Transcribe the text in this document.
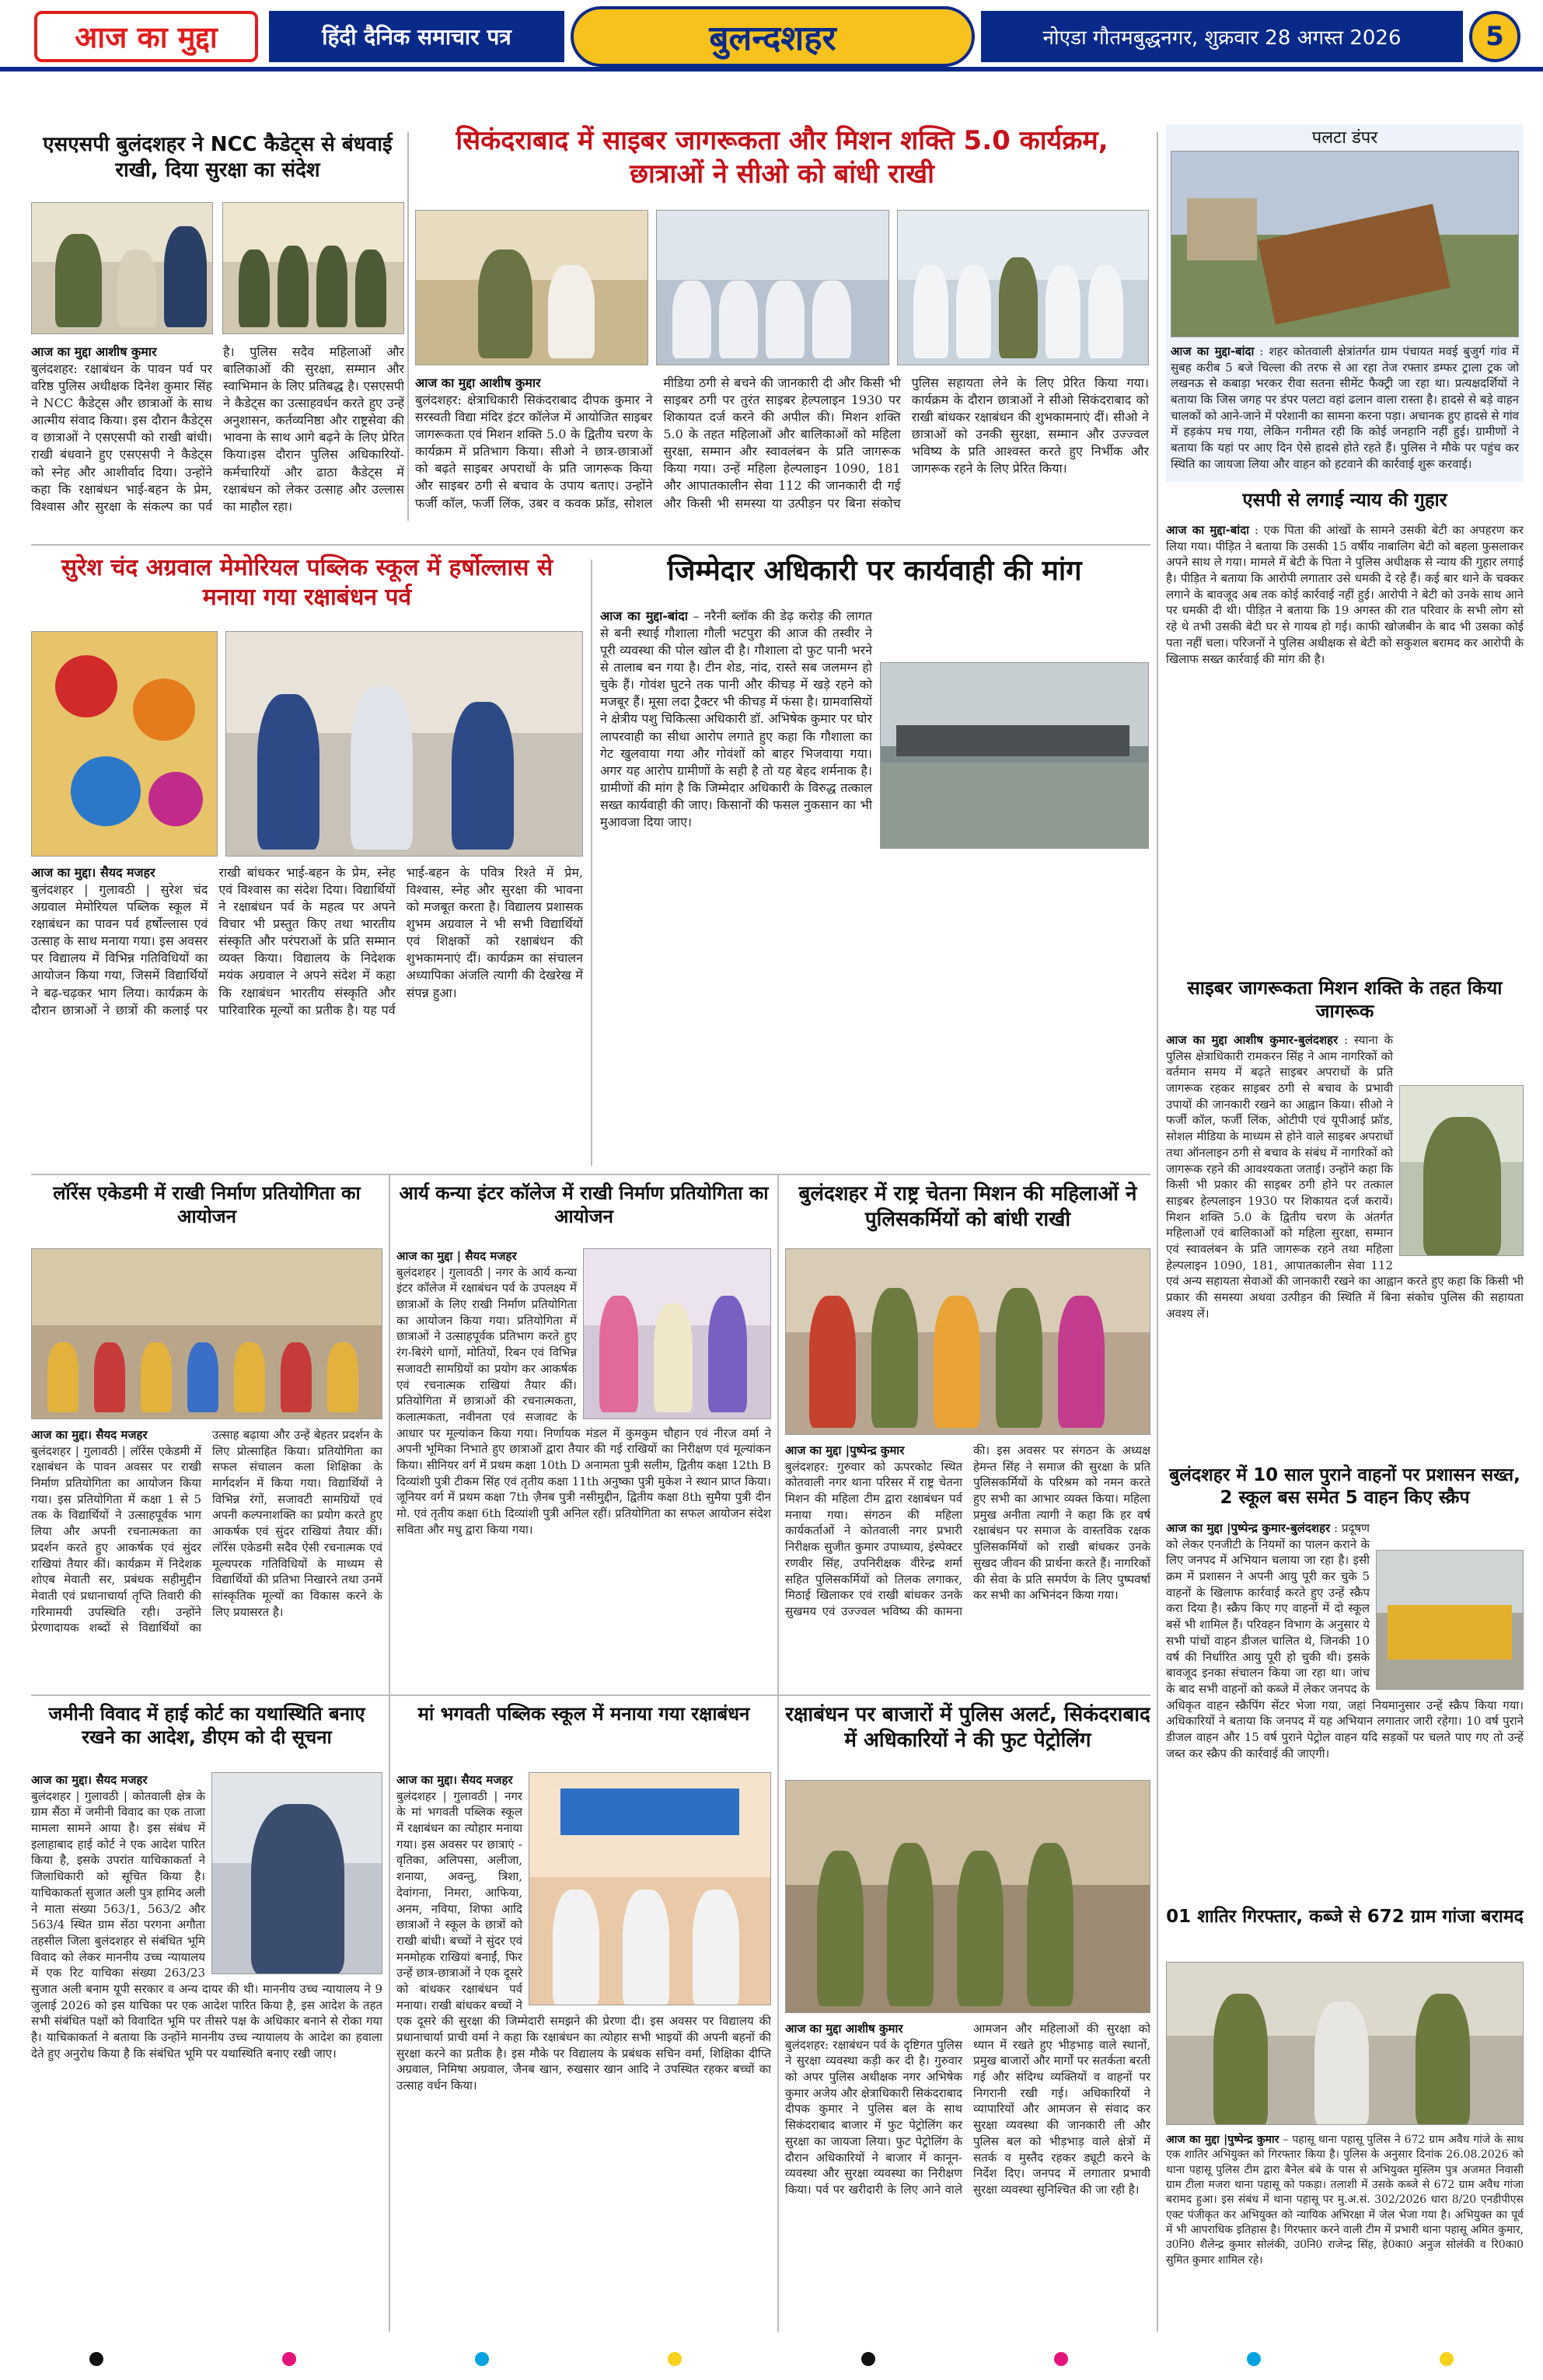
आज का मुद्दा	हिंदी दैनिक समाचार पत्र	बुलन्दशहर	नोएडा गौतमबुद्धनगर, शुक्रवार 28 अगस्त 2026	5
एसएसपी बुलंदशहर ने NCC कैडेट्स से बंधवाई राखी, दिया सुरक्षा का संदेश
आज का मुद्दा आशीष कुमार
बुलंदशहर: रक्षाबंधन के पावन पर्व पर वरिष्ठ पुलिस अधीक्षक दिनेश कुमार सिंह ने NCC कैडेट्स और छात्राओं के साथ आत्मीय संवाद किया। इस दौरान कैडेट्स व छात्राओं ने एसएसपी को राखी बांधी।राखी बंधवाने हुए एसएसपी ने कैडेट्स को स्नेह और आशीर्वाद दिया। उन्होंने कहा कि रक्षाबंधन भाई-बहन के प्रेम, विश्वास और सुरक्षा के संकल्प का पर्व है। पुलिस सदैव महिलाओं और बालिकाओं की सुरक्षा, सम्मान और स्वाभिमान के लिए प्रतिबद्ध है। एसएसपी ने कैडेट्स का उत्साहवर्धन करते हुए उन्हें अनुशासन, कर्तव्यनिष्ठा और राष्ट्रसेवा की भावना के साथ आगे बढ़ने के लिए प्रेरित किया।इस दौरान पुलिस अधिकारियों-कर्मचारियों और ढाठा कैडेट्स में रक्षाबंधन को लेकर उत्साह और उल्लास का माहौल रहा।
सिकंदराबाद में साइबर जागरूकता और मिशन शक्ति 5.0 कार्यक्रम, छात्राओं ने सीओ को बांधी राखी
आज का मुद्दा आशीष कुमार
बुलंदशहर: क्षेत्राधिकारी सिकंदराबाद दीपक कुमार ने सरस्वती विद्या मंदिर इंटर कॉलेज में आयोजित साइबर जागरूकता एवं मिशन शक्ति 5.0 के द्वितीय चरण के कार्यक्रम में प्रतिभाग किया। सीओ ने छात्र-छात्राओं को बढ़ते साइबर अपराधों के प्रति जागरूक किया और साइबर ठगी से बचाव के उपाय बताए। उन्होंने फर्जी कॉल, फर्जी लिंक, उबर व कवक फ्रॉड, सोशल मीडिया ठगी से बचने की जानकारी दी और किसी भी साइबर ठगी पर तुरंत साइबर हेल्पलाइन 1930 पर शिकायत दर्ज करने की अपील की। मिशन शक्ति 5.0 के तहत महिलाओं और बालिकाओं को महिला सुरक्षा, सम्मान और स्वावलंबन के प्रति जागरूक किया गया। उन्हें महिला हेल्पलाइन 1090, 181 और आपातकालीन सेवा 112 की जानकारी दी गई और किसी भी समस्या या उत्पीड़न पर बिना संकोच पुलिस सहायता लेने के लिए प्रेरित किया गया।कार्यक्रम के दौरान छात्राओं ने सीओ सिकंदराबाद को राखी बांधकर रक्षाबंधन की शुभकामनाएं दीं। सीओ ने छात्राओं को उनकी सुरक्षा, सम्मान और उज्ज्वल भविष्य के प्रति आश्वस्त करते हुए निर्भीक और जागरूक रहने के लिए प्रेरित किया।
पलटा डंपर
आज का मुद्दा-बांदा : शहर कोतवाली क्षेत्रांतर्गत ग्राम पंचायत मवई बुजुर्ग गांव में सुबह करीब 5 बजे चिल्ला की तरफ से आ रहा तेज रफ्तार डम्फर ट्राला ट्रक जो लखनऊ से कबाड़ा भरकर रीवा सतना सीमेंट फैक्ट्री जा रहा था। प्रत्यक्षदर्शियों ने बताया कि जिस जगह पर डंपर पलटा वहां ढलान वाला रास्ता है। हादसे से बड़े वाहन चालकों को आने-जाने में परेशानी का सामना करना पड़ा। अचानक हुए हादसे से गांव में हड़कंप मच गया, लेकिन गनीमत रही कि कोई जनहानि नहीं हुई। ग्रामीणों ने बताया कि यहां पर आए दिन ऐसे हादसे होते रहते हैं। पुलिस ने मौके पर पहुंच कर स्थिति का जायजा लिया और वाहन को हटवाने की कार्रवाई शुरू करवाई।
एसपी से लगाई न्याय की गुहार
आज का मुद्दा-बांदा : एक पिता की आंखों के सामने उसकी बेटी का अपहरण कर लिया गया। पीड़ित ने बताया कि उसकी 15 वर्षीय नाबालिग बेटी को बहला फुसलाकर अपने साथ ले गया। मामले में बेटी के पिता ने पुलिस अधीक्षक से न्याय की गुहार लगाई है। पीड़ित ने बताया कि आरोपी लगातार उसे धमकी दे रहे हैं। कई बार थाने के चक्कर लगाने के बावजूद अब तक कोई कार्रवाई नहीं हुई। आरोपी ने बेटी को उनके साथ आने पर धमकी दी थी। पीड़ित ने बताया कि 19 अगस्त की रात परिवार के सभी लोग सो रहे थे तभी उसकी बेटी घर से गायब हो गई। काफी खोजबीन के बाद भी उसका कोई पता नहीं चला। परिजनों ने पुलिस अधीक्षक से बेटी को सकुशल बरामद कर आरोपी के खिलाफ सख्त कार्रवाई की मांग की है।
सुरेश चंद अग्रवाल मेमोरियल पब्लिक स्कूल में हर्षोल्लास से मनाया गया रक्षाबंधन पर्व
आज का मुद्दा। सैयद मजहर
बुलंदशहर | गुलावठी | सुरेश चंद अग्रवाल मेमोरियल पब्लिक स्कूल में रक्षाबंधन का पावन पर्व हर्षोल्लास एवं उत्साह के साथ मनाया गया। इस अवसर पर विद्यालय में विभिन्न गतिविधियों का आयोजन किया गया, जिसमें विद्यार्थियों ने बढ़-चढ़कर भाग लिया। कार्यक्रम के दौरान छात्राओं ने छात्रों की कलाई पर राखी बांधकर भाई-बहन के प्रेम, स्नेह एवं विश्वास का संदेश दिया। विद्यार्थियों ने रक्षाबंधन पर्व के महत्व पर अपने विचार भी प्रस्तुत किए तथा भारतीय संस्कृति और परंपराओं के प्रति सम्मान व्यक्त किया। विद्यालय के निदेशक मयंक अग्रवाल ने अपने संदेश में कहा कि रक्षाबंधन भारतीय संस्कृति और पारिवारिक मूल्यों का प्रतीक है। यह पर्व भाई-बहन के पवित्र रिश्ते में प्रेम, विश्वास, स्नेह और सुरक्षा की भावना को मजबूत करता है। विद्यालय प्रशासक शुभम अग्रवाल ने भी सभी विद्यार्थियों एवं शिक्षकों को रक्षाबंधन की शुभकामनाएं दीं। कार्यक्रम का संचालन अध्यापिका अंजलि त्यागी की देखरेख में संपन्न हुआ।
जिम्मेदार अधिकारी पर कार्यवाही की मांग
आज का मुद्दा-बांदा – नरैनी ब्लॉक की डेढ़ करोड़ की लागत से बनी स्थाई गौशाला गौली भटपुरा की आज की तस्वीर ने पूरी व्यवस्था की पोल खोल दी है। गौशाला दो फुट पानी भरने से तालाब बन गया है। टीन शेड, नांद, रास्ते सब जलमग्न हो चुके हैं। गोवंश घुटने तक पानी और कीचड़ में खड़े रहने को मजबूर हैं। मूसा लदा ट्रैक्टर भी कीचड़ में फंसा है। ग्रामवासियों ने क्षेत्रीय पशु चिकित्सा अधिकारी डॉ. अभिषेक कुमार पर घोर लापरवाही का सीधा आरोप लगाते हुए कहा कि गौशाला का गेट खुलवाया गया और गोवंशों को बाहर भिजवाया गया। अगर यह आरोप ग्रामीणों के सही है तो यह बेहद शर्मनाक है। ग्रामीणों की मांग है कि जिम्मेदार अधिकारी के विरुद्ध तत्काल सख्त कार्यवाही की जाए। किसानों की फसल नुकसान का भी मुआवजा दिया जाए।
साइबर जागरूकता मिशन शक्ति के तहत किया जागरूक
आज का मुद्दा आशीष कुमार-बुलंदशहर : स्याना के पुलिस क्षेत्राधिकारी रामकरन सिंह ने आम नागरिकों को वर्तमान समय में बढ़ते साइबर अपराधों के प्रति जागरूक रहकर साइबर ठगी से बचाव के प्रभावी उपायों की जानकारी रखने का आह्वान किया। सीओ ने फर्जी कॉल, फर्जी लिंक, ओटीपी एवं यूपीआई फ्रॉड, सोशल मीडिया के माध्यम से होने वाले साइबर अपराधों तथा ऑनलाइन ठगी से बचाव के संबंध में नागरिकों को जागरूक रहने की आवश्यकता जताई। उन्होंने कहा कि किसी भी प्रकार की साइबर ठगी होने पर तत्काल साइबर हेल्पलाइन 1930 पर शिकायत दर्ज करायें। मिशन शक्ति 5.0 के द्वितीय चरण के अंतर्गत महिलाओं एवं बालिकाओं को महिला सुरक्षा, सम्मान एवं स्वावलंबन के प्रति जागरूक रहने तथा महिला हेल्पलाइन 1090, 181, आपातकालीन सेवा 112 एवं अन्य सहायता सेवाओं की जानकारी रखने का आह्वान करते हुए कहा कि किसी भी प्रकार की समस्या अथवा उत्पीड़न की स्थिति में बिना संकोच पुलिस की सहायता अवश्य लें।
लॉरेंस एकेडमी में राखी निर्माण प्रतियोगिता का आयोजन
आज का मुद्दा। सैयद मजहर
बुलंदशहर | गुलावठी | लॉरेंस एकेडमी में रक्षाबंधन के पावन अवसर पर राखी निर्माण प्रतियोगिता का आयोजन किया गया। इस प्रतियोगिता में कक्षा 1 से 5 तक के विद्यार्थियों ने उत्साहपूर्वक भाग लिया और अपनी रचनात्मकता का प्रदर्शन करते हुए आकर्षक एवं सुंदर राखियां तैयार कीं। कार्यक्रम में निदेशक शोएब मेवाती सर, प्रबंधक सहीमुद्दीन मेवाती एवं प्रधानाचार्या तृप्ति तिवारी की गरिमामयी उपस्थिति रही। उन्होंने प्रेरणादायक शब्दों से विद्यार्थियों का उत्साह बढ़ाया और उन्हें बेहतर प्रदर्शन के लिए प्रोत्साहित किया। प्रतियोगिता का सफल संचालन कला शिक्षिका के मार्गदर्शन में किया गया। विद्यार्थियों ने विभिन्न रंगों, सजावटी सामग्रियों एवं अपनी कल्पनाशक्ति का प्रयोग करते हुए आकर्षक एवं सुंदर राखियां तैयार कीं। लॉरेंस एकेडमी सदैव ऐसी रचनात्मक एवं मूल्यपरक गतिविधियों के माध्यम से विद्यार्थियों की प्रतिभा निखारने तथा उनमें सांस्कृतिक मूल्यों का विकास करने के लिए प्रयासरत है।
आर्य कन्या इंटर कॉलेज में राखी निर्माण प्रतियोगिता का आयोजन
आज का मुद्दा | सैयद मजहर
बुलंदशहर | गुलावठी | नगर के आर्य कन्या इंटर कॉलेज में रक्षाबंधन पर्व के उपलक्ष्य में छात्राओं के लिए राखी निर्माण प्रतियोगिता का आयोजन किया गया। प्रतियोगिता में छात्राओं ने उत्साहपूर्वक प्रतिभाग करते हुए रंग-बिरंगे धागों, मोतियों, रिबन एवं विभिन्न सजावटी सामग्रियों का प्रयोग कर आकर्षक एवं रचनात्मक राखियां तैयार कीं। प्रतियोगिता में छात्राओं की रचनात्मकता, कलात्मकता, नवीनता एवं सजावट के आधार पर मूल्यांकन किया गया। निर्णायक मंडल में कुमकुम चौहान एवं नीरज वर्मा ने अपनी भूमिका निभाते हुए छात्राओं द्वारा तैयार की गई राखियों का निरीक्षण एवं मूल्यांकन किया। सीनियर वर्ग में प्रथम कक्षा 10th D अनामता पुत्री सलीम, द्वितीय कक्षा 12th B दिव्यांशी पुत्री टीकम सिंह एवं तृतीय कक्षा 11th अनुष्का पुत्री मुकेश ने स्थान प्राप्त किया। जूनियर वर्ग में प्रथम कक्षा 7th ज़ैनब पुत्री नसीमुद्दीन, द्वितीय कक्षा 8th सुमैया पुत्री दीन मो. एवं तृतीय कक्षा 6th दिव्यांशी पुत्री अनिल रहीं। प्रतियोगिता का सफल आयोजन संदेश सविता और मधु द्वारा किया गया।
बुलंदशहर में राष्ट्र चेतना मिशन की महिलाओं ने पुलिसकर्मियों को बांधी राखी
आज का मुद्दा |पुष्पेन्द्र कुमार
बुलंदशहर: गुरुवार को ऊपरकोट स्थित कोतवाली नगर थाना परिसर में राष्ट्र चेतना मिशन की महिला टीम द्वारा रक्षाबंधन पर्व मनाया गया। संगठन की महिला कार्यकर्ताओं ने कोतवाली नगर प्रभारी निरीक्षक सुजीत कुमार उपाध्याय, इंस्पेक्टर रणवीर सिंह, उपनिरीक्षक वीरेन्द्र शर्मा सहित पुलिसकर्मियों को तिलक लगाकर, मिठाई खिलाकर एवं राखी बांधकर उनके सुखमय एवं उज्ज्वल भविष्य की कामना की। इस अवसर पर संगठन के अध्यक्ष हेमन्त सिंह ने समाज की सुरक्षा के प्रति पुलिसकर्मियों के परिश्रम को नमन करते हुए सभी का आभार व्यक्त किया। महिला प्रमुख अनीता त्यागी ने कहा कि हर वर्ष रक्षाबंधन पर समाज के वास्तविक रक्षक पुलिसकर्मियों को राखी बांधकर उनके सुखद जीवन की प्रार्थना करते हैं। नागरिकों की सेवा के प्रति समर्पण के लिए पुष्पवर्षा कर सभी का अभिनंदन किया गया।
बुलंदशहर में 10 साल पुराने वाहनों पर प्रशासन सख्त, 2 स्कूल बस समेत 5 वाहन किए स्क्रैप
आज का मुद्दा |पुष्पेन्द्र कुमार-बुलंदशहर : प्रदूषण को लेकर एनजीटी के नियमों का पालन कराने के लिए जनपद में अभियान चलाया जा रहा है। इसी क्रम में प्रशासन ने अपनी आयु पूरी कर चुके 5 वाहनों के खिलाफ कार्रवाई करते हुए उन्हें स्क्रैप करा दिया है। स्क्रैप किए गए वाहनों में दो स्कूल बसें भी शामिल हैं। परिवहन विभाग के अनुसार ये सभी पांचों वाहन डीजल चालित थे, जिनकी 10 वर्ष की निर्धारित आयु पूरी हो चुकी थी। इसके बावजूद इनका संचालन किया जा रहा था। जांच के बाद सभी वाहनों को कब्जे में लेकर जनपद के अधिकृत वाहन स्क्रैपिंग सेंटर भेजा गया, जहां नियमानुसार उन्हें स्क्रैप किया गया। अधिकारियों ने बताया कि जनपद में यह अभियान लगातार जारी रहेगा। 10 वर्ष पुराने डीजल वाहन और 15 वर्ष पुराने पेट्रोल वाहन यदि सड़कों पर चलते पाए गए तो उन्हें जब्त कर स्क्रैप की कार्रवाई की जाएगी।
जमीनी विवाद में हाई कोर्ट का यथास्थिति बनाए रखने का आदेश, डीएम को दी सूचना
आज का मुद्दा। सैयद मजहर
बुलंदशहर | गुलावठी | कोतवाली क्षेत्र के ग्राम सैंठा में जमीनी विवाद का एक ताजा मामला सामने आया है। इस संबंध में इलाहाबाद हाई कोर्ट ने एक आदेश पारित किया है, इसके उपरांत याचिकाकर्ता ने जिलाधिकारी को सूचित किया है। याचिकाकर्ता सुजात अली पुत्र हामिद अली ने माता संख्या 563/1, 563/2 और 563/4 स्थित ग्राम सेंठा परगना अगौता तहसील जिला बुलंदशहर से संबंधित भूमि विवाद को लेकर माननीय उच्च न्यायालय में एक रिट याचिका संख्या 263/23 सुजात अली बनाम यूपी सरकार व अन्य दायर की थी। माननीय उच्च न्यायालय ने 9 जुलाई 2026 को इस याचिका पर एक आदेश पारित किया है, इस आदेश के तहत सभी संबंधित पक्षों को विवादित भूमि पर तीसरे पक्ष के अधिकार बनाने से रोका गया है। याचिकाकर्ता ने बताया कि उन्होंने माननीय उच्च न्यायालय के आदेश का हवाला देते हुए अनुरोध किया है कि संबंधित भूमि पर यथास्थिति बनाए रखी जाए।
मां भगवती पब्लिक स्कूल में मनाया गया रक्षाबंधन
आज का मुद्दा। सैयद मजहर
बुलंदशहर | गुलावठी | नगर के मां भगवती पब्लिक स्कूल में रक्षाबंधन का त्योहार मनाया गया। इस अवसर पर छात्राएं - वृतिका, अलिपसा, अलीजा, शनाया, अवन्तु, त्रिशा, देवांगना, निमरा, आफिया, अनम, नविया, शिफा आदि छात्राओं ने स्कूल के छात्रों को राखी बांधी। बच्चों ने सुंदर एवं मनमोहक राखियां बनाईं, फिर उन्हें छात्र-छात्राओं ने एक दूसरे को बांधकर रक्षाबंधन पर्व मनाया। राखी बांधकर बच्चों ने एक दूसरे की सुरक्षा की जिम्मेदारी समझने की प्रेरणा दी। इस अवसर पर विद्यालय की प्रधानाचार्या प्राची वर्मा ने कहा कि रक्षाबंधन का त्योहार सभी भाइयों की अपनी बहनों की सुरक्षा करने का प्रतीक है। इस मौके पर विद्यालय के प्रबंधक सचिन वर्मा, शिक्षिका दीप्ति अग्रवाल, निमिषा अग्रवाल, जैनब खान, रुखसार खान आदि ने उपस्थित रहकर बच्चों का उत्साह वर्धन किया।
रक्षाबंधन पर बाजारों में पुलिस अलर्ट, सिकंदराबाद में अधिकारियों ने की फुट पेट्रोलिंग
आज का मुद्दा आशीष कुमार
बुलंदशहर: रक्षाबंधन पर्व के दृष्टिगत पुलिस ने सुरक्षा व्यवस्था कड़ी कर दी है। गुरुवार को अपर पुलिस अधीक्षक नगर अभिषेक कुमार अजेय और क्षेत्राधिकारी सिकंदराबाद दीपक कुमार ने पुलिस बल के साथ सिकंदराबाद बाजार में फुट पेट्रोलिंग कर सुरक्षा का जायजा लिया। फुट पेट्रोलिंग के दौरान अधिकारियों ने बाजार में कानून-व्यवस्था और सुरक्षा व्यवस्था का निरीक्षण किया। पर्व पर खरीदारी के लिए आने वाले आमजन और महिलाओं की सुरक्षा को ध्यान में रखते हुए भीड़भाड़ वाले स्थानों, प्रमुख बाजारों और मार्गों पर सतर्कता बरती गई और संदिग्ध व्यक्तियों व वाहनों पर निगरानी रखी गई। अधिकारियों ने व्यापारियों और आमजन से संवाद कर सुरक्षा व्यवस्था की जानकारी ली और पुलिस बल को भीड़भाड़ वाले क्षेत्रों में सतर्क व मुस्तैद रहकर ड्यूटी करने के निर्देश दिए। जनपद में लगातार प्रभावी सुरक्षा व्यवस्था सुनिश्चित की जा रही है।
01 शातिर गिरफ्तार, कब्जे से 672 ग्राम गांजा बरामद
आज का मुद्दा |पुष्पेन्द्र कुमार – पहासू थाना पहासू पुलिस ने 672 ग्राम अवैध गांजे के साथ एक शातिर अभियुक्त को गिरफ्तार किया है। पुलिस के अनुसार दिनांक 26.08.2026 को थाना पहासू पुलिस टीम द्वारा बैनेल बंबे के पास से अभियुक्त मुस्लिम पुत्र अजमत निवासी ग्राम टीला मजरा थाना पहासू को पकड़ा। तलाशी में उसके कब्जे से 672 ग्राम अवैध गांजा बरामद हुआ। इस संबंध में थाना पहासू पर मु.अ.सं. 302/2026 धारा 8/20 एनडीपीएस एक्ट पंजीकृत कर अभियुक्त को न्यायिक अभिरक्षा में जेल भेजा गया है। अभियुक्त का पूर्व में भी आपराधिक इतिहास है। गिरफ्तार करने वाली टीम में प्रभारी थाना पहासू अमित कुमार, उ0नि0 शैलेन्द्र कुमार सोलंकी, उ0नि0 राजेन्द्र सिंह, हे0का0 अनुज सोलंकी व रि0का0 सुमित कुमार शामिल रहे।
